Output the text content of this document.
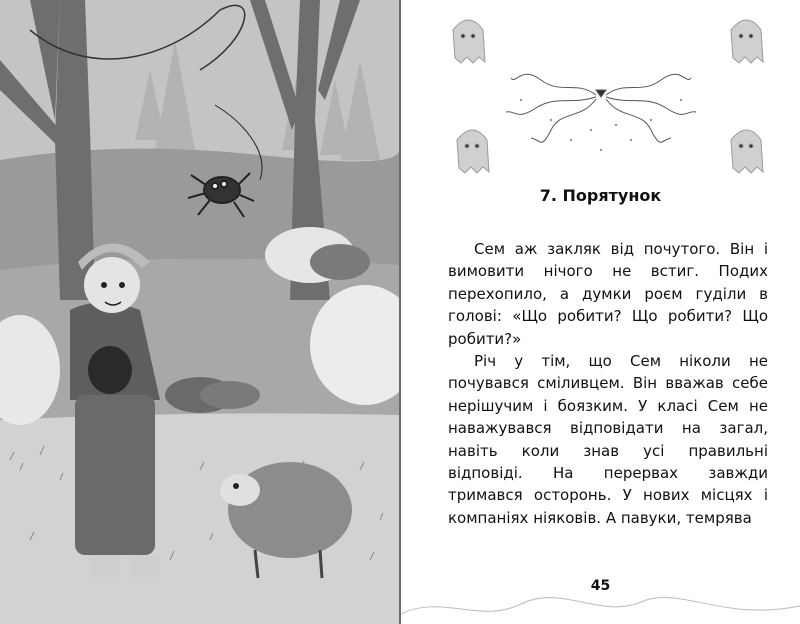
7. Порятунок

Сем аж закляк від почутого. Він і вимовити нічого не встиг. Подих перехопило, а думки роєм гуділи в голові: «Що робити? Що робити? Що робити?»

Річ у тім, що Сем ніколи не почувався сміливцем. Він вважав себе нерішучим і боязким. У класі Сем не наважувався відповідати на загал, навіть коли знав усі правильні відповіді. На перервах завжди тримався осторонь. У нових місцях і компаніях ніяковів. А павуки, темрява

45
